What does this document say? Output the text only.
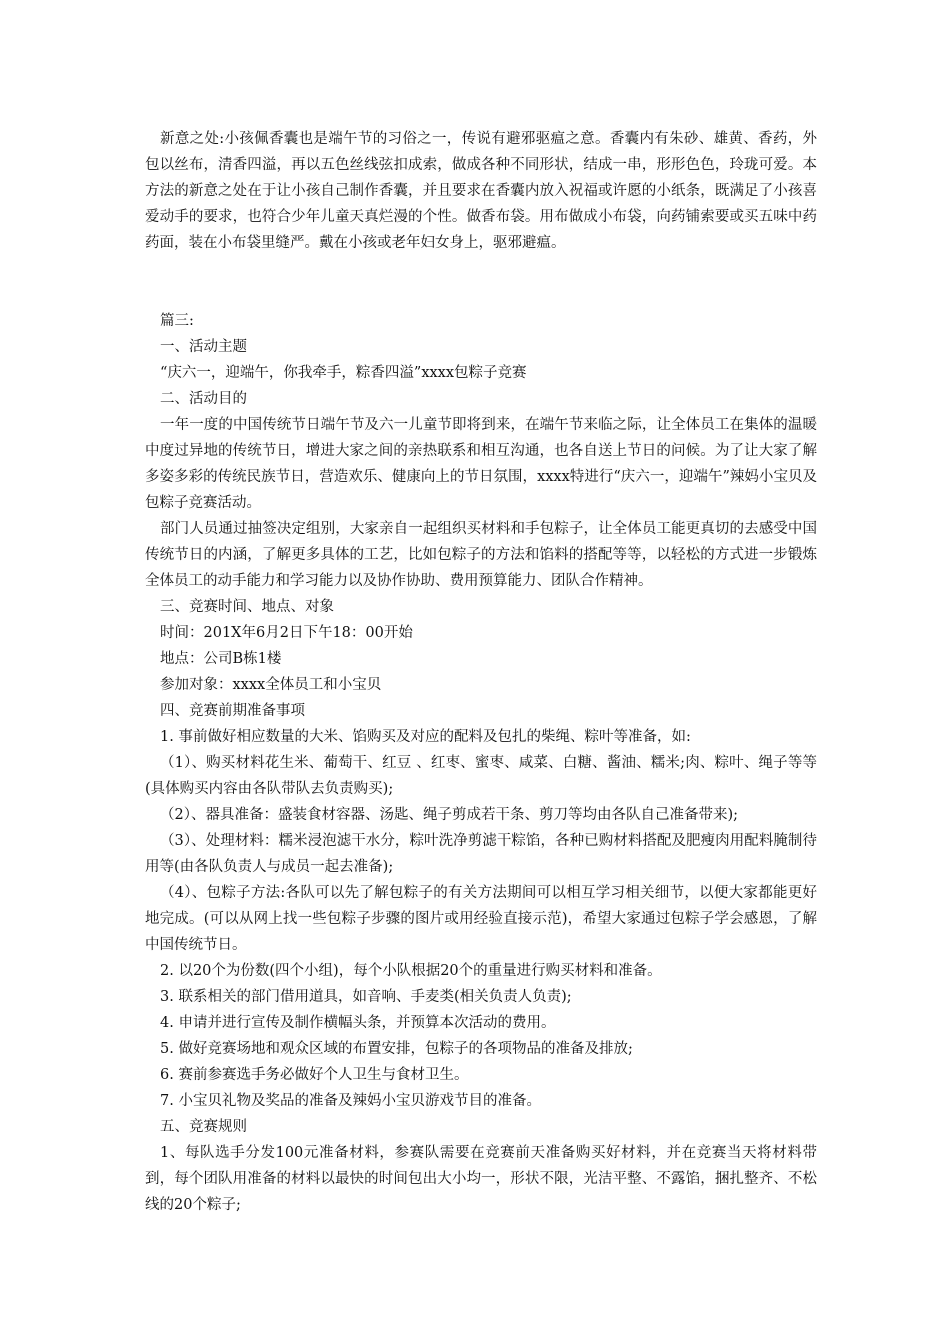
新意之处:小孩佩香囊也是端午节的习俗之一，传说有避邪驱瘟之意。香囊内有朱砂、雄黄、香药，外包以丝布，清香四溢，再以五色丝线弦扣成索，做成各种不同形状，结成一串，形形色色，玲珑可爱。本方法的新意之处在于让小孩自己制作香囊，并且要求在香囊内放入祝福或许愿的小纸条，既满足了小孩喜爱动手的要求，也符合少年儿童天真烂漫的个性。做香布袋。用布做成小布袋，向药铺索要或买五味中药药面，装在小布袋里缝严。戴在小孩或老年妇女身上，驱邪避瘟。

篇三:

一、活动主题

“庆六一，迎端午，你我牵手，粽香四溢”xxxx包粽子竞赛

二、活动目的

一年一度的中国传统节日端午节及六一儿童节即将到来，在端午节来临之际，让全体员工在集体的温暖中度过异地的传统节日，增进大家之间的亲热联系和相互沟通，也各自送上节日的问候。为了让大家了解多姿多彩的传统民族节日，营造欢乐、健康向上的节日氛围，xxxx特进行“庆六一，迎端午”辣妈小宝贝及包粽子竞赛活动。

部门人员通过抽签决定组别，大家亲自一起组织买材料和手包粽子，让全体员工能更真切的去感受中国传统节日的内涵，了解更多具体的工艺，比如包粽子的方法和馅料的搭配等等，以轻松的方式进一步锻炼全体员工的动手能力和学习能力以及协作协助、费用预算能力、团队合作精神。

三、竞赛时间、地点、对象

时间：201X年6月2日下午18：00开始

地点：公司B栋1楼

参加对象：xxxx全体员工和小宝贝

四、竞赛前期准备事项

1. 事前做好相应数量的大米、馅购买及对应的配料及包扎的柴绳、粽叶等准备，如:

（1）、购买材料花生米、葡萄干、红豆 、红枣、蜜枣、咸菜、白糖、酱油、糯米;肉、粽叶、绳子等等(具体购买内容由各队带队去负责购买);

（2）、器具准备：盛装食材容器、汤匙、绳子剪成若干条、剪刀等均由各队自己准备带来);

（3）、处理材料：糯米浸泡滤干水分，粽叶洗净剪滤干粽馅，各种已购材料搭配及肥瘦肉用配料腌制待用等(由各队负责人与成员一起去准备);

（4）、包粽子方法:各队可以先了解包粽子的有关方法期间可以相互学习相关细节，以便大家都能更好地完成。(可以从网上找一些包粽子步骤的图片或用经验直接示范)，希望大家通过包粽子学会感恩，了解中国传统节日。

2. 以20个为份数(四个小组)，每个小队根据20个的重量进行购买材料和准备。

3. 联系相关的部门借用道具，如音响、手麦类(相关负责人负责);

4. 申请并进行宣传及制作横幅头条，并预算本次活动的费用。

5. 做好竞赛场地和观众区域的布置安排，包粽子的各项物品的准备及排放;

6. 赛前参赛选手务必做好个人卫生与食材卫生。

7. 小宝贝礼物及奖品的准备及辣妈小宝贝游戏节目的准备。

五、竞赛规则

1、每队选手分发100元准备材料，参赛队需要在竞赛前天准备购买好材料，并在竞赛当天将材料带到，每个团队用准备的材料以最快的时间包出大小均一，形状不限，光洁平整、不露馅，捆扎整齐、不松线的20个粽子;
